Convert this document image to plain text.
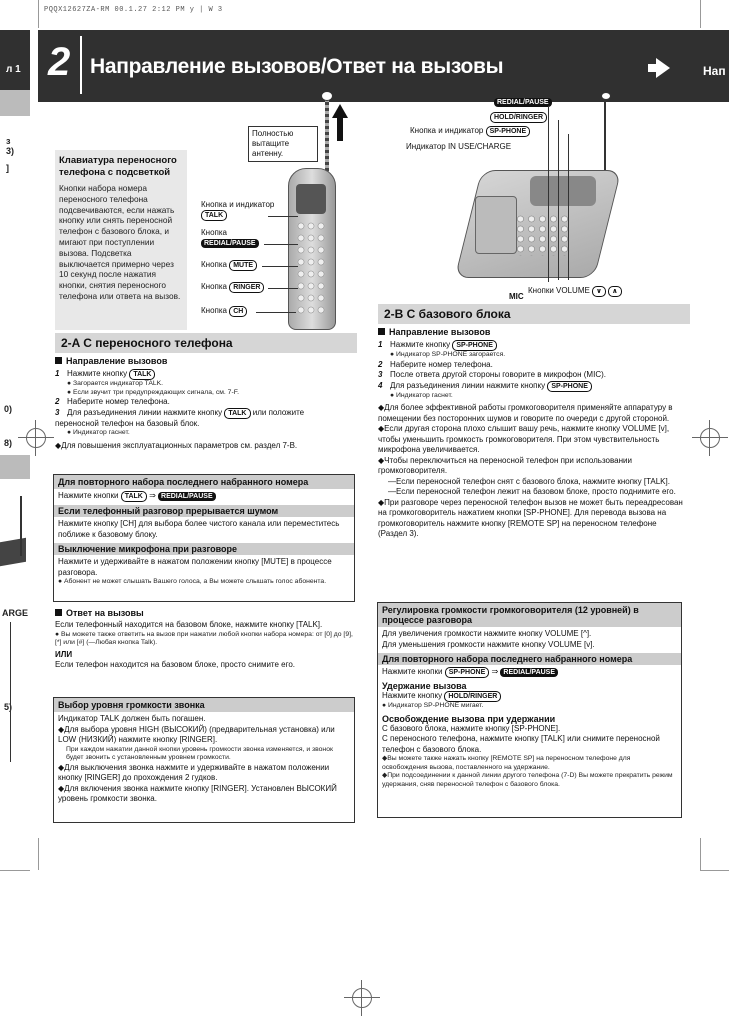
PQQX12627ZA-RM 00.1.27 2:12 PM y | W 3
л 1
з
3)
]
0)
8)
ARGE
5)
2 Направление вызовов/Ответ на вызовы	Нап
Клавиатура переносного телефона с подсветкой
Кнопки набора номера переносного телефона подсвечиваются, если нажать кнопку или снять переносной телефон с базового блока, и мигают при поступлении вызова. Подсветка выключается примерно через 10 секунд после нажатия кнопки, снятия переносного телефона или ответа на вызов.
Полностью вытащите антенну.
Кнопка и индикатор TALK
Кнопка
REDIAL/PAUSE
Кнопка MUTE
Кнопка RINGER
Кнопка CH
REDIAL/PAUSE
HOLD/RINGER
Кнопка и индикатор SP-PHONE
Индикатор IN USE/CHARGE
MIC
Кнопки VOLUME ∨ ∧
2-A С переносного телефона
Направление вызовов
1 Нажмите кнопку TALK
● Загорается индикатор TALK.
● Если звучит три предупреждающих сигнала, см. 7-F.
2 Наберите номер телефона.
3 Для разъединения линии нажмите кнопку TALK или положите переносной телефон на базовый блок.
● Индикатор гаснет.
◆Для повышения эксплуатационных параметров см. раздел 7-В.
Для повторного набора последнего набранного номера
Нажмите кнопки TALK ⇒ REDIAL/PAUSE
Если телефонный разговор прерывается шумом
Нажмите кнопку [CH] для выбора более чистого канала или переместитесь поближе к базовому блоку.
Выключение микрофона при разговоре
Нажмите и удерживайте в нажатом положении кнопку [MUTE] в процессе разговора.
● Абонент не может слышать Вашего голоса, а Вы можете слышать голос абонента.
Ответ на вызовы
Если телефонный находится на базовом блоке, нажмите кнопку [TALK].
● Вы можете также ответить на вызов при нажатии любой кнопки набора номера: от [0] до [9], [*] или [#] (—Любая кнопка Talk).
ИЛИ
Если телефон находится на базовом блоке, просто снимите его.
Выбор уровня громкости звонка
Индикатор TALK должен быть погашен.
◆Для выбора уровня HIGH (ВЫСОКИЙ) (предварительная установка) или LOW (НИЗКИЙ) нажмите кнопку [RINGER].
При каждом нажатии данной кнопки уровень громкости звонка изменяется, и звонок будет звонить с установленным уровнем громкости.
◆Для выключения звонка нажмите и удерживайте в нажатом положении кнопку [RINGER] до прохождения 2 гудков.
◆Для включения звонка нажмите кнопку [RINGER]. Установлен ВЫСОКИЙ уровень громкости звонка.
2-B С базового блока
Направление вызовов
1 Нажмите кнопку SP-PHONE
● Индикатор SP-PHONE загорается.
2 Наберите номер телефона.
3 После ответа другой стороны говорите в микрофон (MIC).
4 Для разъединения линии нажмите кнопку SP-PHONE
● Индикатор гаснет.
◆Для более эффективной работы громкоговорителя применяйте аппаратуру в помещении без посторонних шумов и говорите по очереди с другой стороной.
◆Если другая сторона плохо слышит вашу речь, нажмите кнопку VOLUME [v], чтобы уменьшить громкость громкоговорителя. При этом чувствительность микрофона увеличивается.
◆Чтобы переключиться на переносной телефон при использовании громкоговорителя.
—Если переносной телефон снят с базового блока, нажмите кнопку [TALK].
—Если переносной телефон лежит на базовом блоке, просто поднимите его.
◆При разговоре через переносной телефон вызов не может быть переадресован на громкоговоритель нажатием кнопки [SP-PHONE]. Для перевода вызова на громкоговоритель нажмите кнопку [REMOTE SP] на переносном телефоне (Раздел 3).
Регулировка громкости громкоговорителя (12 уровней) в процессе разговора
Для увеличения громкости нажмите кнопку VOLUME [^].
Для уменьшения громкости нажмите кнопку VOLUME [v].
Для повторного набора последнего набранного номера
Нажмите кнопки SP-PHONE ⇒ REDIAL/PAUSE
Удержание вызова
Нажмите кнопку HOLD/RINGER
● Индикатор SP-PHONE мигает.
Освобождение вызова при удержании
С базового блока, нажмите кнопку [SP-PHONE].
С переносного телефона, нажмите кнопку [TALK] или снимите переносной телефон с базового блока.
◆Вы можете также нажать кнопку [REMOTE SP] на переносном телефоне для освобождения вызова, поставленного на удержание.
◆При подсоединении к данной линии другого телефона (7-D) Вы можете прекратить режим удержания, сняв переносной телефон с базового блока.
